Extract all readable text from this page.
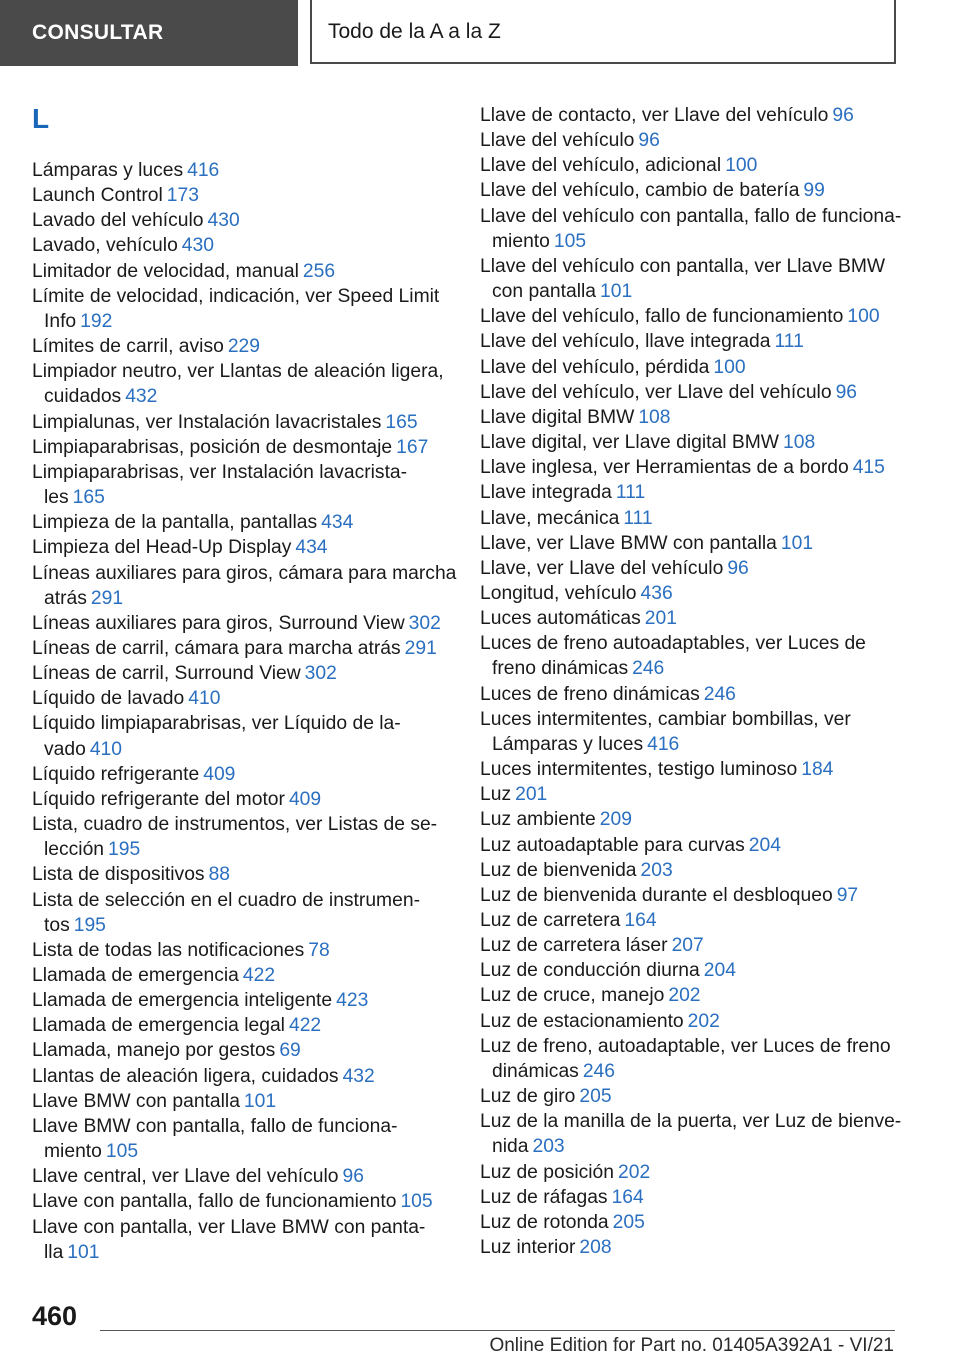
CONSULTAR	Todo de la A a la Z
L
Lámparas y luces 416
Launch Control 173
Lavado del vehículo 430
Lavado, vehículo 430
Limitador de velocidad, manual 256
Límite de velocidad, indicación, ver Speed Limit
Info 192
Límites de carril, aviso 229
Limpiador neutro, ver Llantas de aleación ligera,
cuidados 432
Limpialunas, ver Instalación lavacristales 165
Limpiaparabrisas, posición de desmontaje 167
Limpiaparabrisas, ver Instalación lavacrista-
les 165
Limpieza de la pantalla, pantallas 434
Limpieza del Head-Up Display 434
Líneas auxiliares para giros, cámara para marcha
atrás 291
Líneas auxiliares para giros, Surround View 302
Líneas de carril, cámara para marcha atrás 291
Líneas de carril, Surround View 302
Líquido de lavado 410
Líquido limpiaparabrisas, ver Líquido de la-
vado 410
Líquido refrigerante 409
Líquido refrigerante del motor 409
Lista, cuadro de instrumentos, ver Listas de se-
lección 195
Lista de dispositivos 88
Lista de selección en el cuadro de instrumen-
tos 195
Lista de todas las notificaciones 78
Llamada de emergencia 422
Llamada de emergencia inteligente 423
Llamada de emergencia legal 422
Llamada, manejo por gestos 69
Llantas de aleación ligera, cuidados 432
Llave BMW con pantalla 101
Llave BMW con pantalla, fallo de funciona-
miento 105
Llave central, ver Llave del vehículo 96
Llave con pantalla, fallo de funcionamiento 105
Llave con pantalla, ver Llave BMW con panta-
lla 101
Llave de contacto, ver Llave del vehículo 96
Llave del vehículo 96
Llave del vehículo, adicional 100
Llave del vehículo, cambio de batería 99
Llave del vehículo con pantalla, fallo de funciona-
miento 105
Llave del vehículo con pantalla, ver Llave BMW
con pantalla 101
Llave del vehículo, fallo de funcionamiento 100
Llave del vehículo, llave integrada 111
Llave del vehículo, pérdida 100
Llave del vehículo, ver Llave del vehículo 96
Llave digital BMW 108
Llave digital, ver Llave digital BMW 108
Llave inglesa, ver Herramientas de a bordo 415
Llave integrada 111
Llave, mecánica 111
Llave, ver Llave BMW con pantalla 101
Llave, ver Llave del vehículo 96
Longitud, vehículo 436
Luces automáticas 201
Luces de freno autoadaptables, ver Luces de
freno dinámicas 246
Luces de freno dinámicas 246
Luces intermitentes, cambiar bombillas, ver
Lámparas y luces 416
Luces intermitentes, testigo luminoso 184
Luz 201
Luz ambiente 209
Luz autoadaptable para curvas 204
Luz de bienvenida 203
Luz de bienvenida durante el desbloqueo 97
Luz de carretera 164
Luz de carretera láser 207
Luz de conducción diurna 204
Luz de cruce, manejo 202
Luz de estacionamiento 202
Luz de freno, autoadaptable, ver Luces de freno
dinámicas 246
Luz de giro 205
Luz de la manilla de la puerta, ver Luz de bienve-
nida 203
Luz de posición 202
Luz de ráfagas 164
Luz de rotonda 205
Luz interior 208
460
Online Edition for Part no. 01405A392A1 - VI/21
